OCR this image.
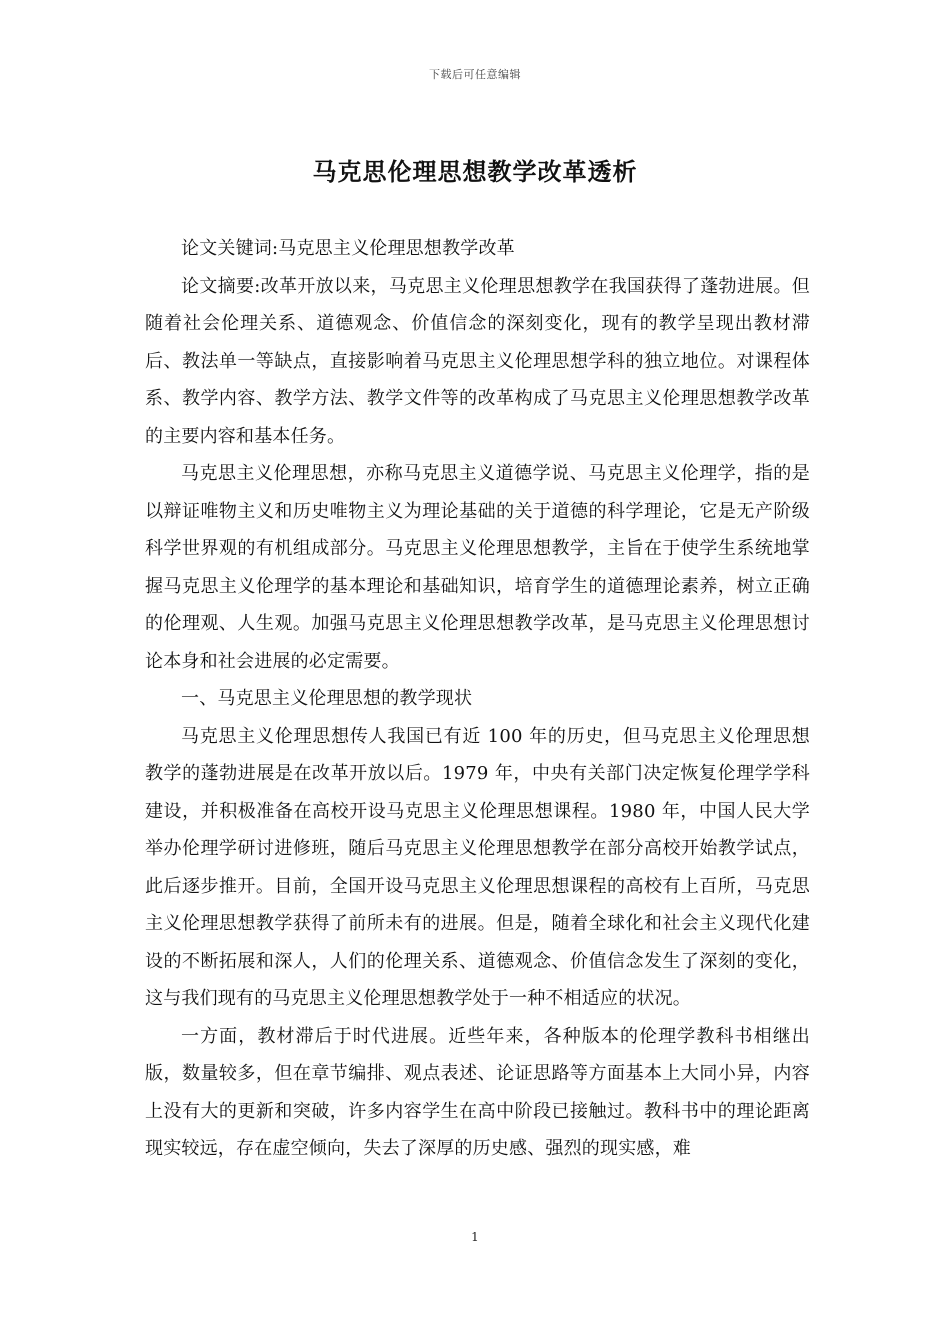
下载后可任意编辑
马克思伦理思想教学改革透析

论文关键词:马克思主义伦理思想教学改革

论文摘要:改革开放以来，马克思主义伦理思想教学在我国获得了蓬勃进展。但随着社会伦理关系、道德观念、价值信念的深刻变化，现有的教学呈现出教材滞后、教法单一等缺点，直接影响着马克思主义伦理思想学科的独立地位。对课程体系、教学内容、教学方法、教学文件等的改革构成了马克思主义伦理思想教学改革的主要内容和基本任务。

马克思主义伦理思想，亦称马克思主义道德学说、马克思主义伦理学，指的是以辩证唯物主义和历史唯物主义为理论基础的关于道德的科学理论，它是无产阶级科学世界观的有机组成部分。马克思主义伦理思想教学，主旨在于使学生系统地掌握马克思主义伦理学的基本理论和基础知识，培育学生的道德理论素养，树立正确的伦理观、人生观。加强马克思主义伦理思想教学改革，是马克思主义伦理思想讨论本身和社会进展的必定需要。

一、马克思主义伦理思想的教学现状

马克思主义伦理思想传人我国已有近 100 年的历史，但马克思主义伦理思想教学的蓬勃进展是在改革开放以后。1979 年，中央有关部门决定恢复伦理学学科建设，并积极准备在高校开设马克思主义伦理思想课程。1980 年，中国人民大学举办伦理学研讨进修班，随后马克思主义伦理思想教学在部分高校开始教学试点，此后逐步推开。目前，全国开设马克思主义伦理思想课程的高校有上百所，马克思主义伦理思想教学获得了前所未有的进展。但是，随着全球化和社会主义现代化建设的不断拓展和深人，人们的伦理关系、道德观念、价值信念发生了深刻的变化，这与我们现有的马克思主义伦理思想教学处于一种不相适应的状况。

一方面，教材滞后于时代进展。近些年来，各种版本的伦理学教科书相继出版，数量较多，但在章节编排、观点表述、论证思路等方面基本上大同小异，内容上没有大的更新和突破，许多内容学生在高中阶段已接触过。教科书中的理论距离现实较远，存在虚空倾向，失去了深厚的历史感、强烈的现实感，难

1
